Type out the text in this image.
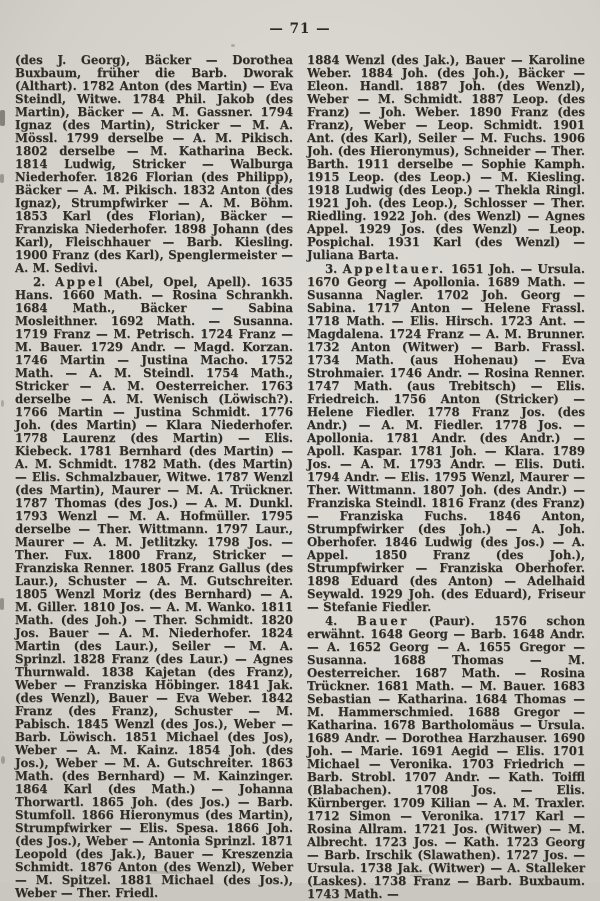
— 71 —

(des J. Georg), Bäcker — Dorothea Buxbaum, früher die Barb. Dworak (Althart). 1782 Anton (des Martin) — Eva Steindl, Witwe. 1784 Phil. Jakob (des Martin), Bäcker — A. M. Gassner. 1794 Ignaz (des Martin), Stricker — M. A. Mössl. 1799 derselbe — A. M. Pikisch. 1802 derselbe — M. Katharina Beck. 1814 Ludwig, Stricker — Walburga Niederhofer. 1826 Florian (des Philipp), Bäcker — A. M. Pikisch. 1832 Anton (des Ignaz), Strumpfwirker — A. M. Böhm. 1853 Karl (des Florian), Bäcker — Franziska Niederhofer. 1898 Johann (des Karl), Fleischhauer — Barb. Kiesling. 1900 Franz (des Karl), Spenglermeister — A. M. Sedivi.

2. Appel (Abel, Opel, Apell). 1635 Hans. 1660 Math. — Rosina Schrankh. 1684 Math., Bäcker — Sabina Mosleithner. 1692 Math. — Susanna. 1719 Franz — M. Petrisch. 1724 Franz — M. Bauer. 1729 Andr. — Magd. Korzan. 1746 Martin — Justina Macho. 1752 Math. — A. M. Steindl. 1754 Math., Stricker — A. M. Oesterreicher. 1763 derselbe — A. M. Wenisch (Löwisch?). 1766 Martin — Justina Schmidt. 1776 Joh. (des Martin) — Klara Niederhofer. 1778 Laurenz (des Martin) — Elis. Kiebeck. 1781 Bernhard (des Martin) — A. M. Schmidt. 1782 Math. (des Martin) — Elis. Schmalzbauer, Witwe. 1787 Wenzl (des Martin), Maurer — M. A. Trückner. 1787 Thomas (des Jos.) — A. M. Dunkl. 1793 Wenzl — M. A. Hofmüller. 1795 derselbe — Ther. Wittmann. 1797 Laur., Maurer — A. M. Jetlitzky. 1798 Jos. — Ther. Fux. 1800 Franz, Stricker — Franziska Renner. 1805 Franz Gallus (des Laur.), Schuster — A. M. Gutschreiter. 1805 Wenzl Moriz (des Bernhard) — A. M. Giller. 1810 Jos. — A. M. Wanko. 1811 Math. (des Joh.) — Ther. Schmidt. 1820 Jos. Bauer — A. M. Niederhofer. 1824 Martin (des Laur.), Seiler — M. A. Sprinzl. 1828 Franz (des Laur.) — Agnes Thurnwald. 1838 Kajetan (des Franz), Weber — Franziska Höbinger. 1841 Jak. (des Wenzl), Bauer — Eva Weber. 1842 Franz (des Franz), Schuster — M. Pabisch. 1845 Wenzl (des Jos.), Weber — Barb. Löwisch. 1851 Michael (des Jos), Weber — A. M. Kainz. 1854 Joh. (des Jos.), Weber — M. A. Gutschreiter. 1863 Math. (des Bernhard) — M. Kainzinger. 1864 Karl (des Math.) — Johanna Thorwartl. 1865 Joh. (des Jos.) — Barb. Stumfoll. 1866 Hieronymus (des Martin), Strumpfwirker — Elis. Spesa. 1866 Joh. (des Jos.), Weber — Antonia Sprinzl. 1871 Leopold (des Jak.), Bauer — Kreszenzia Schmidt. 1876 Anton (des Wenzl), Weber — M. Spitzel. 1881 Michael (des Jos.), Weber — Ther. Friedl.

1884 Wenzl (des Jak.), Bauer — Karoline Weber. 1884 Joh. (des Joh.), Bäcker — Eleon. Handl. 1887 Joh. (des Wenzl), Weber — M. Schmidt. 1887 Leop. (des Franz) — Joh. Weber. 1890 Franz (des Franz), Weber — Leop. Schmidt. 1901 Ant. (des Karl), Seiler — M. Fuchs. 1906 Joh. (des Hieronymus), Schneider — Ther. Barth. 1911 derselbe — Sophie Kamph. 1915 Leop. (des Leop.) — M. Kiesling. 1918 Ludwig (des Leop.) — Thekla Ringl. 1921 Joh. (des Leop.), Schlosser — Ther. Riedling. 1922 Joh. (des Wenzl) — Agnes Appel. 1929 Jos. (des Wenzl) — Leop. Pospichal. 1931 Karl (des Wenzl) — Juliana Barta.

3. Appeltauer. 1651 Joh. — Ursula. 1670 Georg — Apollonia. 1689 Math. — Susanna Nagler. 1702 Joh. Georg — Sabina. 1717 Anton — Helene Frassl. 1718 Math. — Elis. Hirsch. 1723 Ant. — Magdalena. 1724 Franz — A. M. Brunner. 1732 Anton (Witwer) — Barb. Frassl. 1734 Math. (aus Hohenau) — Eva Strohmaier. 1746 Andr. — Rosina Renner. 1747 Math. (aus Trebitsch) — Elis. Friedreich. 1756 Anton (Stricker) — Helene Fiedler. 1778 Franz Jos. (des Andr.) — A. M. Fiedler. 1778 Jos. — Apollonia. 1781 Andr. (des Andr.) — Apoll. Kaspar. 1781 Joh. — Klara. 1789 Jos. — A. M. 1793 Andr. — Elis. Duti. 1794 Andr. — Elis. 1795 Wenzl, Maurer — Ther. Wittmann. 1807 Joh. (des Andr.) — Franziska Steindl. 1816 Franz (des Franz) — Franziska Fuchs. 1846 Anton, Strumpfwirker (des Joh.) — A. Joh. Oberhofer. 1846 Ludwig (des Jos.) — A. Appel. 1850 Franz (des Joh.), Strumpfwirker — Franziska Oberhofer. 1898 Eduard (des Anton) — Adelhaid Seywald. 1929 Joh. (des Eduard), Friseur — Stefanie Fiedler.

4. Bauer (Paur). 1576 schon erwähnt. 1648 Georg — Barb. 1648 Andr. — A. 1652 Georg — A. 1655 Gregor — Susanna. 1688 Thomas — M. Oesterreicher. 1687 Math. — Rosina Trückner. 1681 Math. — M. Bauer. 1683 Sebastian — Katharina. 1684 Thomas — M. Hammerschmied. 1688 Gregor — Katharina. 1678 Bartholomäus — Ursula. 1689 Andr. — Dorothea Harzhauser. 1690 Joh. — Marie. 1691 Aegid — Elis. 1701 Michael — Veronika. 1703 Friedrich — Barb. Strobl. 1707 Andr. — Kath. Toiffl (Blabachen). 1708 Jos. — Elis. Kürnberger. 1709 Kilian — A. M. Traxler. 1712 Simon — Veronika. 1717 Karl — Rosina Allram. 1721 Jos. (Witwer) — M. Albrecht. 1723 Jos. — Kath. 1723 Georg — Barb. Irschik (Slawathen). 1727 Jos. — Ursula. 1738 Jak. (Witwer) — A. Stalleker (Laskes). 1738 Franz — Barb. Buxbaum. 1743 Math. —
